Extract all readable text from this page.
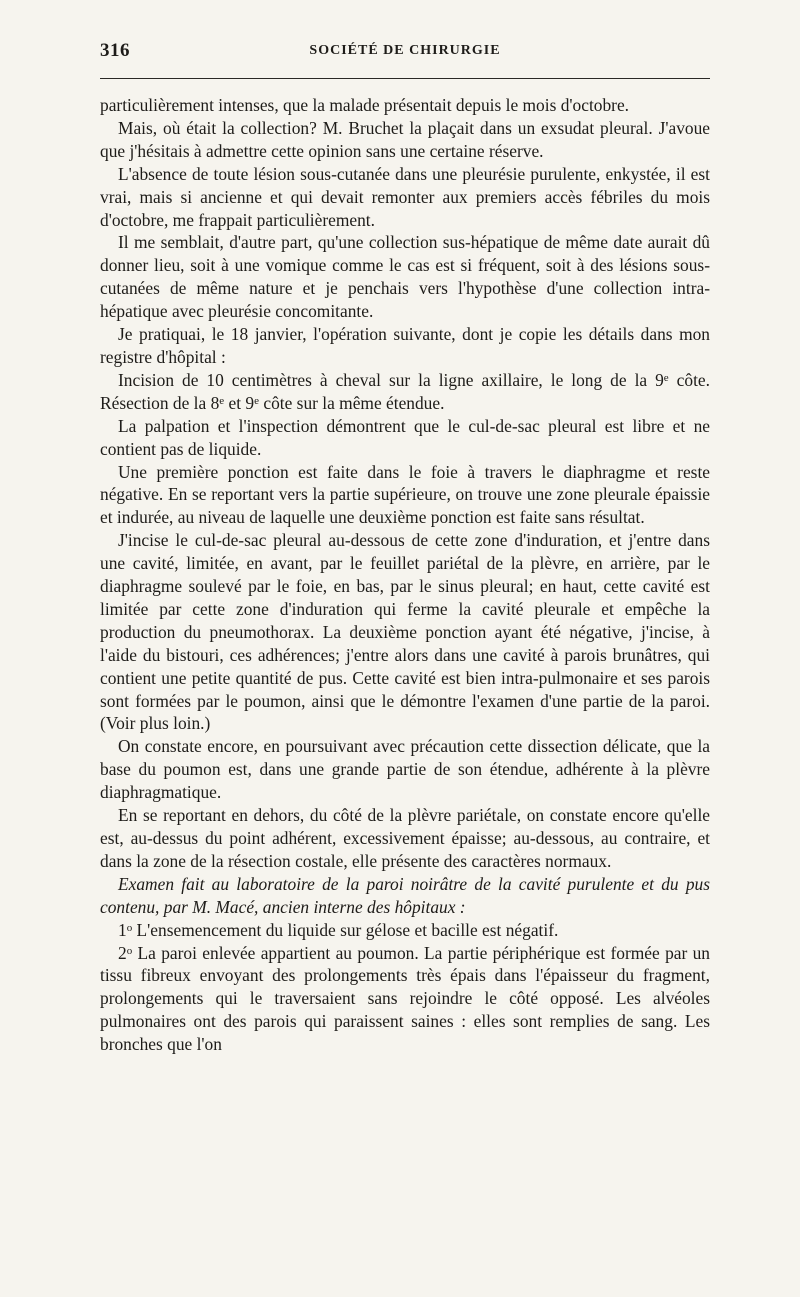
316	SOCIÉTÉ DE CHIRURGIE

particulièrement intenses, que la malade présentait depuis le mois d'octobre.

Mais, où était la collection? M. Bruchet la plaçait dans un exsudat pleural. J'avoue que j'hésitais à admettre cette opinion sans une certaine réserve.

L'absence de toute lésion sous-cutanée dans une pleurésie purulente, enkystée, il est vrai, mais si ancienne et qui devait remonter aux premiers accès fébriles du mois d'octobre, me frappait particulièrement.

Il me semblait, d'autre part, qu'une collection sus-hépatique de même date aurait dû donner lieu, soit à une vomique comme le cas est si fréquent, soit à des lésions sous-cutanées de même nature et je penchais vers l'hypothèse d'une collection intra-hépatique avec pleurésie concomitante.

Je pratiquai, le 18 janvier, l'opération suivante, dont je copie les détails dans mon registre d'hôpital :

Incision de 10 centimètres à cheval sur la ligne axillaire, le long de la 9e côte. Résection de la 8e et 9e côte sur la même étendue.

La palpation et l'inspection démontrent que le cul-de-sac pleural est libre et ne contient pas de liquide.

Une première ponction est faite dans le foie à travers le diaphragme et reste négative. En se reportant vers la partie supérieure, on trouve une zone pleurale épaissie et indurée, au niveau de laquelle une deuxième ponction est faite sans résultat.

J'incise le cul-de-sac pleural au-dessous de cette zone d'induration, et j'entre dans une cavité, limitée, en avant, par le feuillet pariétal de la plèvre, en arrière, par le diaphragme soulevé par le foie, en bas, par le sinus pleural; en haut, cette cavité est limitée par cette zone d'induration qui ferme la cavité pleurale et empêche la production du pneumothorax. La deuxième ponction ayant été négative, j'incise, à l'aide du bistouri, ces adhérences; j'entre alors dans une cavité à parois brunâtres, qui contient une petite quantité de pus. Cette cavité est bien intra-pulmonaire et ses parois sont formées par le poumon, ainsi que le démontre l'examen d'une partie de la paroi. (Voir plus loin.)

On constate encore, en poursuivant avec précaution cette dissection délicate, que la base du poumon est, dans une grande partie de son étendue, adhérente à la plèvre diaphragmatique.

En se reportant en dehors, du côté de la plèvre pariétale, on constate encore qu'elle est, au-dessus du point adhérent, excessivement épaisse; au-dessous, au contraire, et dans la zone de la résection costale, elle présente des caractères normaux.

Examen fait au laboratoire de la paroi noirâtre de la cavité purulente et du pus contenu, par M. Macé, ancien interne des hôpitaux :

1$^o$ L'ensemencement du liquide sur gélose et bacille est négatif.

2$^o$ La paroi enlevée appartient au poumon. La partie périphérique est formée par un tissu fibreux envoyant des prolongements très épais dans l'épaisseur du fragment, prolongements qui le traversaient sans rejoindre le côté opposé. Les alvéoles pulmonaires ont des parois qui paraissent saines : elles sont remplies de sang. Les bronches que l'on
